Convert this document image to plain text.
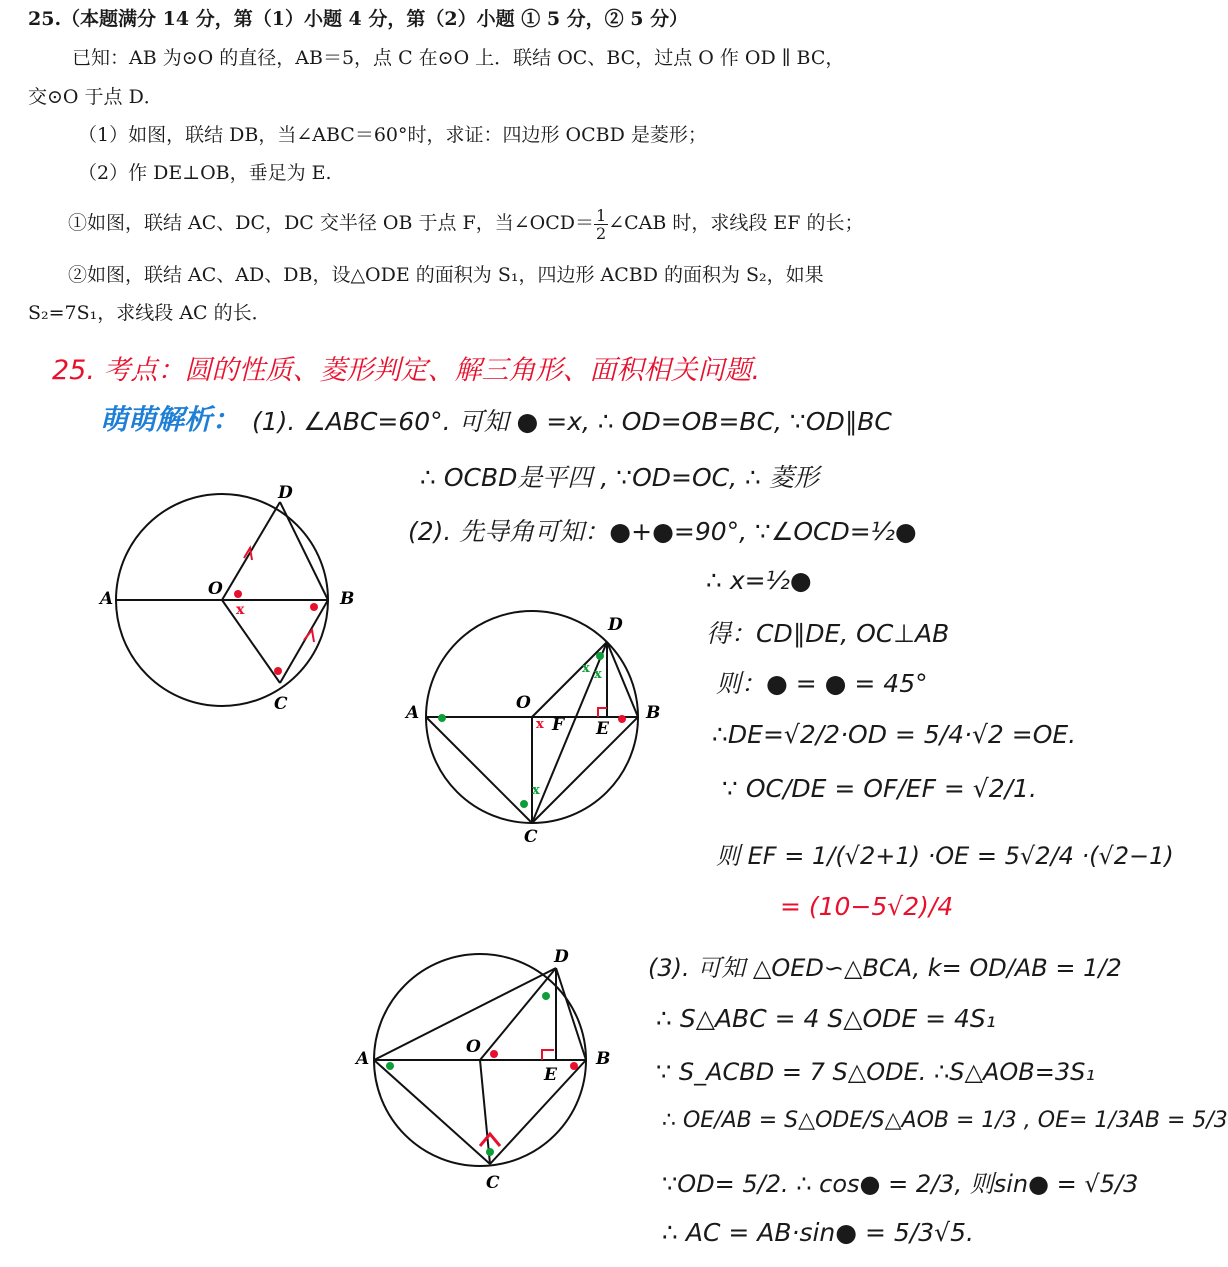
25.（本题满分 14 分，第（1）小题 4 分，第（2）小题 ① 5 分，② 5 分）
已知：AB 为⊙O 的直径，AB＝5，点 C 在⊙O 上．联结 OC、BC，过点 O 作 OD ∥ BC，
交⊙O 于点 D．
（1）如图，联结 DB，当∠ABC＝60°时，求证：四边形 OCBD 是菱形；
（2）作 DE⊥OB，垂足为 E.
①如图，联结 AC、DC，DC 交半径 OB 于点 F，当∠OCD＝ $\frac{1}{2}$ ∠CAB 时，求线段 EF 的长；
②如图，联结 AC、AD、DB，设△ODE 的面积为 S₁，四边形 ACBD 的面积为 S₂，如果
S₂=7S₁，求线段 AC 的长．
25. 考点：圆的性质、菱形判定、解三角形、面积相关问题.
萌萌解析： (1). ∠ABC=60°. 可知 ● =x, ∴ OD=OB=BC, ∵OD∥BC
∴ OCBD是平四 , ∵OD=OC, ∴ 菱形
(2). 先导角可知：●+●=90°, ∵∠OCD=½●
∴ x=½●
得：CD∥DE, OC⊥AB
则：● = ● = 45°
∴DE=√2/2·OD = 5/4·√2 =OE.
∵ OC/DE = OF/EF = √2/1.
则 EF = 1/(√2+1) ·OE = 5√2/4 ·(√2−1)
= (10−5√2)/4
(3). 可知 △OED∽△BCA, k= OD/AB = 1/2
∴ S△ABC = 4 S△ODE = 4S₁
∵ S_ACBD = 7 S△ODE. ∴S△AOB=3S₁
∴ OE/AB = S△ODE/S△AOB = 1/3 , OE= 1/3AB = 5/3
∵OD= 5/2. ∴ cos● = 2/3, 则sin● = √5/3
∴ AC = AB·sin● = 5/3√5.
x
A	B
C
D
O
x x
x
x
A	B
C
D
O
E
F
A	B
C
D
O
E
